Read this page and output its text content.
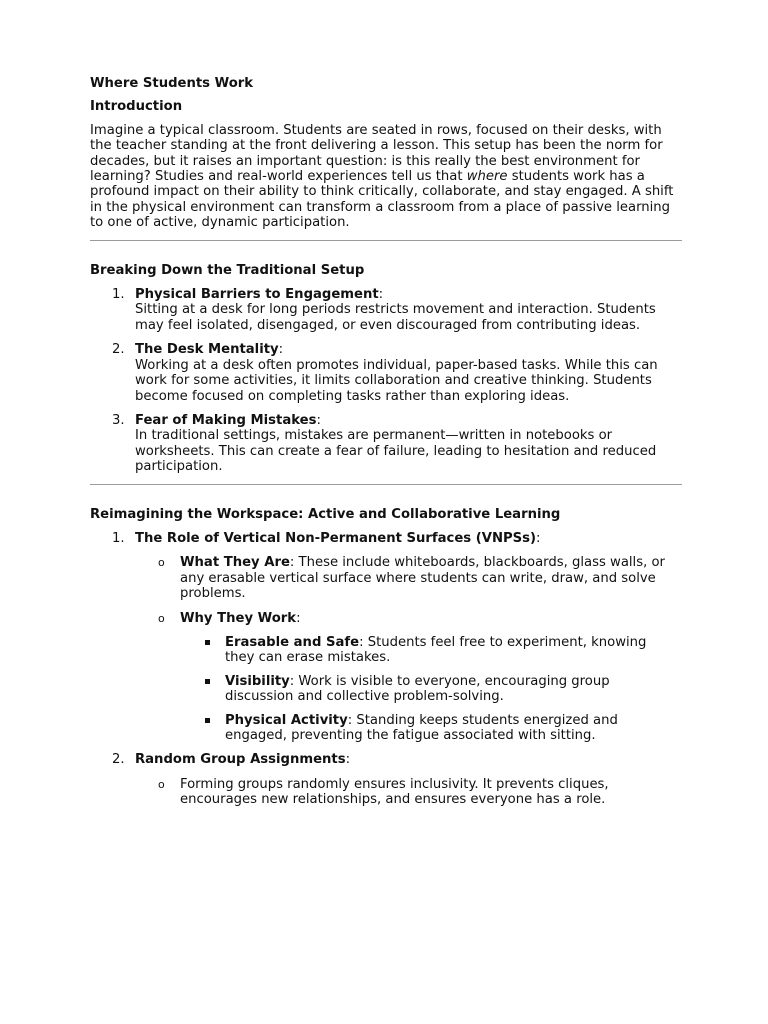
Where Students Work
Introduction

Imagine a typical classroom. Students are seated in rows, focused on their desks, with the teacher standing at the front delivering a lesson. This setup has been the norm for decades, but it raises an important question: is this really the best environment for learning? Studies and real-world experiences tell us that where students work has a profound impact on their ability to think critically, collaborate, and stay engaged. A shift in the physical environment can transform a classroom from a place of passive learning to one of active, dynamic participation.

Breaking Down the Traditional Setup
1. Physical Barriers to Engagement:
Sitting at a desk for long periods restricts movement and interaction. Students may feel isolated, disengaged, or even discouraged from contributing ideas.
2. The Desk Mentality:
Working at a desk often promotes individual, paper-based tasks. While this can work for some activities, it limits collaboration and creative thinking. Students become focused on completing tasks rather than exploring ideas.
3. Fear of Making Mistakes:
In traditional settings, mistakes are permanent—written in notebooks or worksheets. This can create a fear of failure, leading to hesitation and reduced participation.
Reimagining the Workspace: Active and Collaborative Learning
1. The Role of Vertical Non-Permanent Surfaces (VNPSs):
o What They Are: These include whiteboards, blackboards, glass walls, or any erasable vertical surface where students can write, draw, and solve problems.
o Why They Work:
Erasable and Safe: Students feel free to experiment, knowing they can erase mistakes.
Visibility: Work is visible to everyone, encouraging group discussion and collective problem-solving.
Physical Activity: Standing keeps students energized and engaged, preventing the fatigue associated with sitting.
2. Random Group Assignments:
o Forming groups randomly ensures inclusivity. It prevents cliques, encourages new relationships, and ensures everyone has a role.
